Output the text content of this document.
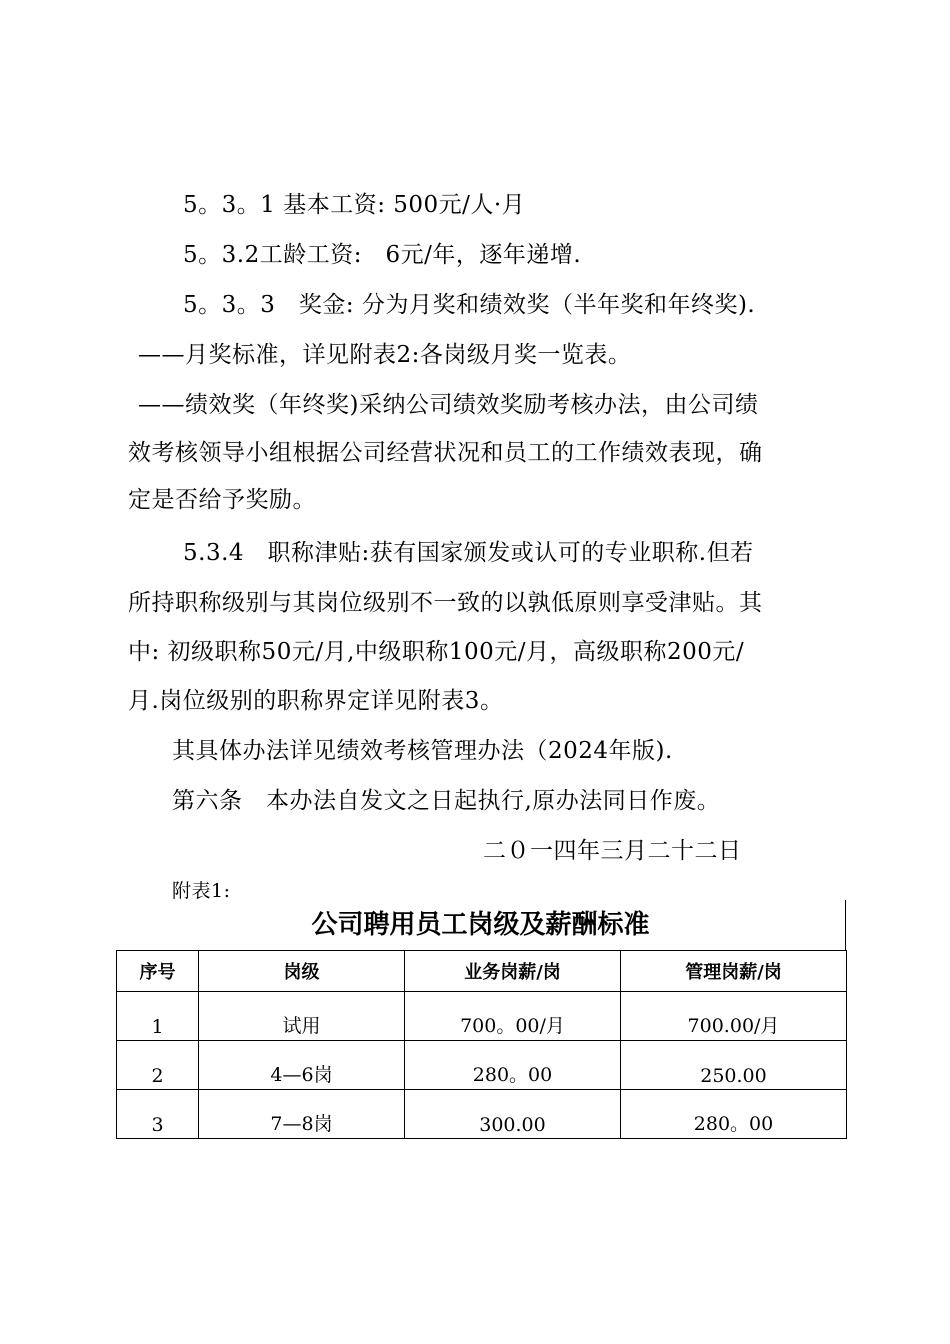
5。3。1 基本工资: 500元/人·月
5。3.2工龄工资:　6元/年，逐年递增.
5。3。3　奖金: 分为月奖和绩效奖（半年奖和年终奖).
——月奖标准，详见附表2:各岗级月奖一览表。
——绩效奖（年终奖)采纳公司绩效奖励考核办法，由公司绩
效考核领导小组根据公司经营状况和员工的工作绩效表现，确
定是否给予奖励。
5.3.4　职称津贴:获有国家颁发或认可的专业职称.但若
所持职称级别与其岗位级别不一致的以孰低原则享受津贴。其
中: 初级职称50元/月,中级职称100元/月，高级职称200元/
月.岗位级别的职称界定详见附表3。
其具体办法详见绩效考核管理办法（2024年版).
第六条　本办法自发文之日起执行,原办法同日作废。
二０一四年三月二十二日
附表1:
公司聘用员工岗级及薪酬标准
序号	岗级	业务岗薪/岗	管理岗薪/岗
1	试用	700。00/月	700.00/月
2	4—6岗	280。00	250.00
3	7—8岗	300.00	280。00
